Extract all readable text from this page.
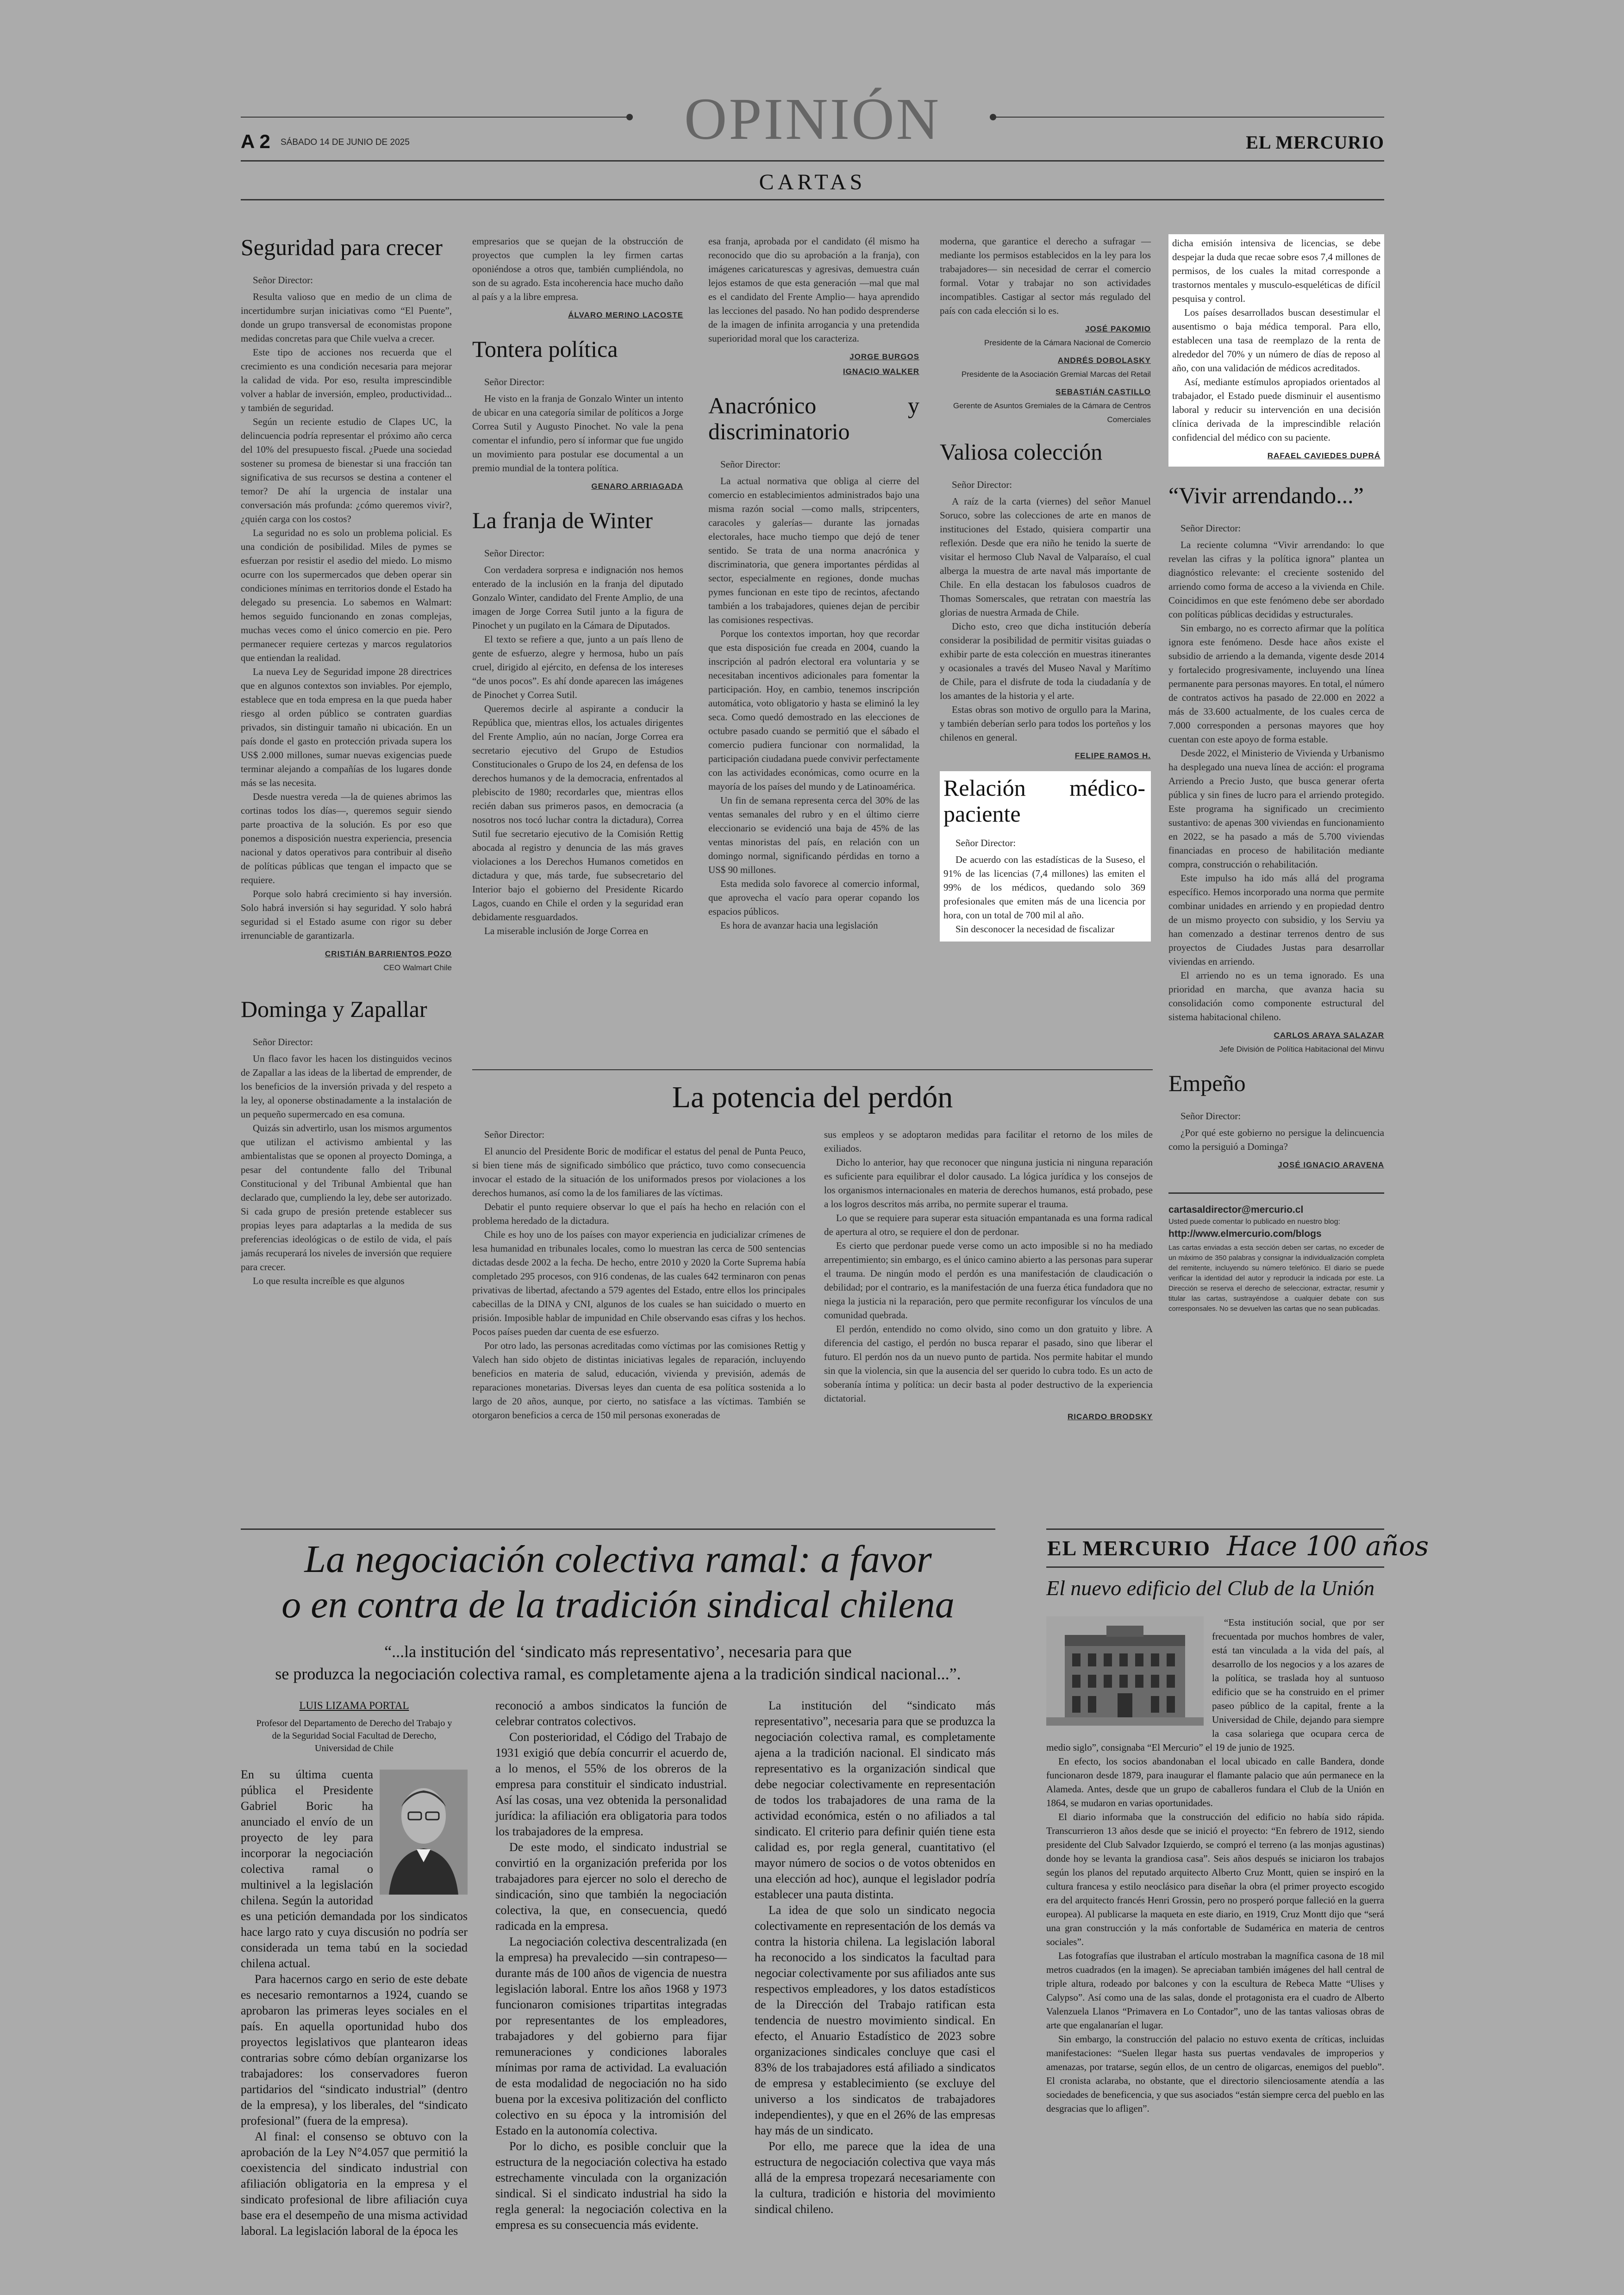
OPINIÓN
A 2 SÁBADO 14 DE JUNIO DE 2025	EL MERCURIO
CARTAS
Seguridad para crecer
Señor Director:

Resulta valioso que en medio de un clima de incertidumbre surjan iniciativas como “El Puente”, donde un grupo transversal de economistas propone medidas concretas para que Chile vuelva a crecer.

Este tipo de acciones nos recuerda que el crecimiento es una condición necesaria para mejorar la calidad de vida. Por eso, resulta imprescindible volver a hablar de inversión, empleo, productividad... y también de seguridad.

Según un reciente estudio de Clapes UC, la delincuencia podría representar el próximo año cerca del 10% del presupuesto fiscal. ¿Puede una sociedad sostener su promesa de bienestar si una fracción tan significativa de sus recursos se destina a contener el temor? De ahí la urgencia de instalar una conversación más profunda: ¿cómo queremos vivir?, ¿quién carga con los costos?

La seguridad no es solo un problema policial. Es una condición de posibilidad. Miles de pymes se esfuerzan por resistir el asedio del miedo. Lo mismo ocurre con los supermercados que deben operar sin condiciones mínimas en territorios donde el Estado ha delegado su presencia. Lo sabemos en Walmart: hemos seguido funcionando en zonas complejas, muchas veces como el único comercio en pie. Pero permanecer requiere certezas y marcos regulatorios que entiendan la realidad.

La nueva Ley de Seguridad impone 28 directrices que en algunos contextos son inviables. Por ejemplo, establece que en toda empresa en la que pueda haber riesgo al orden público se contraten guardias privados, sin distinguir tamaño ni ubicación. En un país donde el gasto en protección privada supera los US$ 2.000 millones, sumar nuevas exigencias puede terminar alejando a compañías de los lugares donde más se las necesita.

Desde nuestra vereda —la de quienes abrimos las cortinas todos los días—, queremos seguir siendo parte proactiva de la solución. Es por eso que ponemos a disposición nuestra experiencia, presencia nacional y datos operativos para contribuir al diseño de políticas públicas que tengan el impacto que se requiere.

Porque solo habrá crecimiento si hay inversión. Solo habrá inversión si hay seguridad. Y solo habrá seguridad si el Estado asume con rigor su deber irrenunciable de garantizarla.

CRISTIÁN BARRIENTOS POZO
CEO Walmart Chile
Dominga y Zapallar
Señor Director:

Un flaco favor les hacen los distinguidos vecinos de Zapallar a las ideas de la libertad de emprender, de los beneficios de la inversión privada y del respeto a la ley, al oponerse obstinadamente a la instalación de un pequeño supermercado en esa comuna.

Quizás sin advertirlo, usan los mismos argumentos que utilizan el activismo ambiental y las ambientalistas que se oponen al proyecto Dominga, a pesar del contundente fallo del Tribunal Constitucional y del Tribunal Ambiental que han declarado que, cumpliendo la ley, debe ser autorizado. Si cada grupo de presión pretende establecer sus propias leyes para adaptarlas a la medida de sus preferencias ideológicas o de estilo de vida, el país jamás recuperará los niveles de inversión que requiere para crecer.

Lo que resulta increíble es que algunos

empresarios que se quejan de la obstrucción de proyectos que cumplen la ley firmen cartas oponiéndose a otros que, también cumpliéndola, no son de su agrado. Esta incoherencia hace mucho daño al país y a la libre empresa.

ÁLVARO MERINO LACOSTE
Tontera política
Señor Director:

He visto en la franja de Gonzalo Winter un intento de ubicar en una categoría similar de políticos a Jorge Correa Sutil y Augusto Pinochet. No vale la pena comentar el infundio, pero sí informar que fue ungido un movimiento para postular ese documental a un premio mundial de la tontera política.

GENARO ARRIAGADA
La franja de Winter
Señor Director:

Con verdadera sorpresa e indignación nos hemos enterado de la inclusión en la franja del diputado Gonzalo Winter, candidato del Frente Amplio, de una imagen de Jorge Correa Sutil junto a la figura de Pinochet y un pugilato en la Cámara de Diputados.

El texto se refiere a que, junto a un país lleno de gente de esfuerzo, alegre y hermosa, hubo un país cruel, dirigido al ejército, en defensa de los intereses “de unos pocos”. Es ahí donde aparecen las imágenes de Pinochet y Correa Sutil.

Queremos decirle al aspirante a conducir la República que, mientras ellos, los actuales dirigentes del Frente Amplio, aún no nacían, Jorge Correa era secretario ejecutivo del Grupo de Estudios Constitucionales o Grupo de los 24, en defensa de los derechos humanos y de la democracia, enfrentados al plebiscito de 1980; recordarles que, mientras ellos recién daban sus primeros pasos, en democracia (a nosotros nos tocó luchar contra la dictadura), Correa Sutil fue secretario ejecutivo de la Comisión Rettig abocada al registro y denuncia de las más graves violaciones a los Derechos Humanos cometidos en dictadura y que, más tarde, fue subsecretario del Interior bajo el gobierno del Presidente Ricardo Lagos, cuando en Chile el orden y la seguridad eran debidamente resguardados.

La miserable inclusión de Jorge Correa en

esa franja, aprobada por el candidato (él mismo ha reconocido que dio su aprobación a la franja), con imágenes caricaturescas y agresivas, demuestra cuán lejos estamos de que esta generación —mal que mal es el candidato del Frente Amplio— haya aprendido las lecciones del pasado. No han podido desprenderse de la imagen de infinita arrogancia y una pretendida superioridad moral que los caracteriza.

JORGE BURGOS
IGNACIO WALKER
Anacrónico y discriminatorio
Señor Director:

La actual normativa que obliga al cierre del comercio en establecimientos administrados bajo una misma razón social —como malls, stripcenters, caracoles y galerías— durante las jornadas electorales, hace mucho tiempo que dejó de tener sentido. Se trata de una norma anacrónica y discriminatoria, que genera importantes pérdidas al sector, especialmente en regiones, donde muchas pymes funcionan en este tipo de recintos, afectando también a los trabajadores, quienes dejan de percibir las comisiones respectivas.

Porque los contextos importan, hoy que recordar que esta disposición fue creada en 2004, cuando la inscripción al padrón electoral era voluntaria y se necesitaban incentivos adicionales para fomentar la participación. Hoy, en cambio, tenemos inscripción automática, voto obligatorio y hasta se eliminó la ley seca. Como quedó demostrado en las elecciones de octubre pasado cuando se permitió que el sábado el comercio pudiera funcionar con normalidad, la participación ciudadana puede convivir perfectamente con las actividades económicas, como ocurre en la mayoría de los países del mundo y de Latinoamérica.

Un fin de semana representa cerca del 30% de las ventas semanales del rubro y en el último cierre eleccionario se evidenció una baja de 45% de las ventas minoristas del país, en relación con un domingo normal, significando pérdidas en torno a US$ 90 millones.

Esta medida solo favorece al comercio informal, que aprovecha el vacío para operar copando los espacios públicos.

Es hora de avanzar hacia una legislación

moderna, que garantice el derecho a sufragar —mediante los permisos establecidos en la ley para los trabajadores— sin necesidad de cerrar el comercio formal. Votar y trabajar no son actividades incompatibles. Castigar al sector más regulado del país con cada elección si lo es.

JOSÉ PAKOMIO
Presidente de la Cámara Nacional de Comercio
ANDRÉS DOBOLASKY
Presidente de la Asociación Gremial Marcas del Retail
SEBASTIÁN CASTILLO
Gerente de Asuntos Gremiales de la Cámara de Centros Comerciales
Valiosa colección
Señor Director:

A raíz de la carta (viernes) del señor Manuel Soruco, sobre las colecciones de arte en manos de instituciones del Estado, quisiera compartir una reflexión. Desde que era niño he tenido la suerte de visitar el hermoso Club Naval de Valparaíso, el cual alberga la muestra de arte naval más importante de Chile. En ella destacan los fabulosos cuadros de Thomas Somerscales, que retratan con maestría las glorias de nuestra Armada de Chile.

Dicho esto, creo que dicha institución debería considerar la posibilidad de permitir visitas guiadas o exhibir parte de esta colección en muestras itinerantes y ocasionales a través del Museo Naval y Marítimo de Chile, para el disfrute de toda la ciudadanía y de los amantes de la historia y el arte.

Estas obras son motivo de orgullo para la Marina, y también deberían serlo para todos los porteños y los chilenos en general.

FELIPE RAMOS H.
Relación médico-paciente
Señor Director:

De acuerdo con las estadísticas de la Suseso, el 91% de las licencias (7,4 millones) las emiten el 99% de los médicos, quedando solo 369 profesionales que emiten más de una licencia por hora, con un total de 700 mil al año.

Sin desconocer la necesidad de fiscalizar

dicha emisión intensiva de licencias, se debe despejar la duda que recae sobre esos 7,4 millones de permisos, de los cuales la mitad corresponde a trastornos mentales y musculo-esqueléticas de difícil pesquisa y control.

Los países desarrollados buscan desestimular el ausentismo o baja médica temporal. Para ello, establecen una tasa de reemplazo de la renta de alrededor del 70% y un número de días de reposo al año, con una validación de médicos acreditados.

Así, mediante estímulos apropiados orientados al trabajador, el Estado puede disminuir el ausentismo laboral y reducir su intervención en una decisión clínica derivada de la imprescindible relación confidencial del médico con su paciente.

RAFAEL CAVIEDES DUPRÁ
“Vivir arrendando...”
Señor Director:

La reciente columna “Vivir arrendando: lo que revelan las cifras y la política ignora” plantea un diagnóstico relevante: el creciente sostenido del arriendo como forma de acceso a la vivienda en Chile. Coincidimos en que este fenómeno debe ser abordado con políticas públicas decididas y estructurales.

Sin embargo, no es correcto afirmar que la política ignora este fenómeno. Desde hace años existe el subsidio de arriendo a la demanda, vigente desde 2014 y fortalecido progresivamente, incluyendo una línea permanente para personas mayores. En total, el número de contratos activos ha pasado de 22.000 en 2022 a más de 33.600 actualmente, de los cuales cerca de 7.000 corresponden a personas mayores que hoy cuentan con este apoyo de forma estable.

Desde 2022, el Ministerio de Vivienda y Urbanismo ha desplegado una nueva línea de acción: el programa Arriendo a Precio Justo, que busca generar oferta pública y sin fines de lucro para el arriendo protegido. Este programa ha significado un crecimiento sustantivo: de apenas 300 viviendas en funcionamiento en 2022, se ha pasado a más de 5.700 viviendas financiadas en proceso de habilitación mediante compra, construcción o rehabilitación.

Este impulso ha ido más allá del programa específico. Hemos incorporado una norma que permite combinar unidades en arriendo y en propiedad dentro de un mismo proyecto con subsidio, y los Serviu ya han comenzado a destinar terrenos dentro de sus proyectos de Ciudades Justas para desarrollar viviendas en arriendo.

El arriendo no es un tema ignorado. Es una prioridad en marcha, que avanza hacia su consolidación como componente estructural del sistema habitacional chileno.

CARLOS ARAYA SALAZAR
Jefe División de Política Habitacional del Minvu
Empeño
Señor Director:

¿Por qué este gobierno no persigue la delincuencia como la persiguió a Dominga?

JOSÉ IGNACIO ARAVENA
cartasaldirector@mercurio.cl
Usted puede comentar lo publicado en nuestro blog:
http://www.elmercurio.com/blogs
Las cartas enviadas a esta sección deben ser cartas, no exceder de un máximo de 350 palabras y consignar la individualización completa del remitente, incluyendo su número telefónico. El diario se puede verificar la identidad del autor y reproducir la indicada por este. La Dirección se reserva el derecho de seleccionar, extractar, resumir y titular las cartas, sustrayéndose a cualquier debate con sus corresponsales. No se devuelven las cartas que no sean publicadas.
La potencia del perdón
Señor Director:

El anuncio del Presidente Boric de modificar el estatus del penal de Punta Peuco, si bien tiene más de significado simbólico que práctico, tuvo como consecuencia invocar el estado de la situación de los uniformados presos por violaciones a los derechos humanos, así como la de los familiares de las víctimas.

Debatir el punto requiere observar lo que el país ha hecho en relación con el problema heredado de la dictadura.

Chile es hoy uno de los países con mayor experiencia en judicializar crímenes de lesa humanidad en tribunales locales, como lo muestran las cerca de 500 sentencias dictadas desde 2002 a la fecha. De hecho, entre 2010 y 2020 la Corte Suprema había completado 295 procesos, con 916 condenas, de las cuales 642 terminaron con penas privativas de libertad, afectando a 579 agentes del Estado, entre ellos los principales cabecillas de la DINA y CNI, algunos de los cuales se han suicidado o muerto en prisión. Imposible hablar de impunidad en Chile observando esas cifras y los hechos. Pocos países pueden dar cuenta de ese esfuerzo.

Por otro lado, las personas acreditadas como víctimas por las comisiones Rettig y Valech han sido objeto de distintas iniciativas legales de reparación, incluyendo beneficios en materia de salud, educación, vivienda y previsión, además de reparaciones monetarias. Diversas leyes dan cuenta de esa política sostenida a lo largo de 20 años, aunque, por cierto, no satisface a las víctimas. También se otorgaron beneficios a cerca de 150 mil personas exoneradas de

sus empleos y se adoptaron medidas para facilitar el retorno de los miles de exiliados.

Dicho lo anterior, hay que reconocer que ninguna justicia ni ninguna reparación es suficiente para equilibrar el dolor causado. La lógica jurídica y los consejos de los organismos internacionales en materia de derechos humanos, está probado, pese a los logros descritos más arriba, no permite superar el trauma.

Lo que se requiere para superar esta situación empantanada es una forma radical de apertura al otro, se requiere el don de perdonar.

Es cierto que perdonar puede verse como un acto imposible si no ha mediado arrepentimiento; sin embargo, es el único camino abierto a las personas para superar el trauma. De ningún modo el perdón es una manifestación de claudicación o debilidad; por el contrario, es la manifestación de una fuerza ética fundadora que no niega la justicia ni la reparación, pero que permite reconfigurar los vínculos de una comunidad quebrada.

El perdón, entendido no como olvido, sino como un don gratuito y libre. A diferencia del castigo, el perdón no busca reparar el pasado, sino que liberar el futuro. El perdón nos da un nuevo punto de partida. Nos permite habitar el mundo sin que la violencia, sin que la ausencia del ser querido lo cubra todo. Es un acto de soberanía íntima y política: un decir basta al poder destructivo de la experiencia dictatorial.

RICARDO BRODSKY
La negociación colectiva ramal: a favor
o en contra de la tradición sindical chilena
“...la institución del ‘sindicato más representativo’, necesaria para que
se produzca la negociación colectiva ramal, es completamente ajena a la tradición sindical nacional...”.
LUIS LIZAMA PORTAL
Profesor del Departamento de Derecho del Trabajo y de la Seguridad Social Facultad de Derecho, Universidad de Chile

En su última cuenta pública el Presidente Gabriel Boric ha anunciado el envío de un proyecto de ley para incorporar la negociación colectiva ramal o multinivel a la legislación chilena. Según la autoridad es una petición demandada por los sindicatos hace largo rato y cuya discusión no podría ser considerada un tema tabú en la sociedad chilena actual.

Para hacernos cargo en serio de este debate es necesario remontarnos a 1924, cuando se aprobaron las primeras leyes sociales en el país. En aquella oportunidad hubo dos proyectos legislativos que plantearon ideas contrarias sobre cómo debían organizarse los trabajadores: los conservadores fueron partidarios del “sindicato industrial” (dentro de la empresa), y los liberales, del “sindicato profesional” (fuera de la empresa).

Al final: el consenso se obtuvo con la aprobación de la Ley N°4.057 que permitió la coexistencia del sindicato industrial con afiliación obligatoria en la empresa y el sindicato profesional de libre afiliación cuya base era el desempeño de una misma actividad laboral. La legislación laboral de la época les

reconoció a ambos sindicatos la función de celebrar contratos colectivos.

Con posterioridad, el Código del Trabajo de 1931 exigió que debía concurrir el acuerdo de, a lo menos, el 55% de los obreros de la empresa para constituir el sindicato industrial. Así las cosas, una vez obtenida la personalidad jurídica: la afiliación era obligatoria para todos los trabajadores de la empresa.

De este modo, el sindicato industrial se convirtió en la organización preferida por los trabajadores para ejercer no solo el derecho de sindicación, sino que también la negociación colectiva, la que, en consecuencia, quedó radicada en la empresa.

La negociación colectiva descentralizada (en la empresa) ha prevalecido —sin contrapeso— durante más de 100 años de vigencia de nuestra legislación laboral. Entre los años 1968 y 1973 funcionaron comisiones tripartitas integradas por representantes de los empleadores, trabajadores y del gobierno para fijar remuneraciones y condiciones laborales mínimas por rama de actividad. La evaluación de esta modalidad de negociación no ha sido buena por la excesiva politización del conflicto colectivo en su época y la intromisión del Estado en la autonomía colectiva.

Por lo dicho, es posible concluir que la estructura de la negociación colectiva ha estado estrechamente vinculada con la organización sindical. Si el sindicato industrial ha sido la regla general: la negociación colectiva en la empresa es su consecuencia más evidente.

La institución del “sindicato más representativo”, necesaria para que se produzca la negociación colectiva ramal, es completamente ajena a la tradición nacional. El sindicato más representativo es la organización sindical que debe negociar colectivamente en representación de todos los trabajadores de una rama de la actividad económica, estén o no afiliados a tal sindicato. El criterio para definir quién tiene esta calidad es, por regla general, cuantitativo (el mayor número de socios o de votos obtenidos en una elección ad hoc), aunque el legislador podría establecer una pauta distinta.

La idea de que solo un sindicato negocia colectivamente en representación de los demás va contra la historia chilena. La legislación laboral ha reconocido a los sindicatos la facultad para negociar colectivamente por sus afiliados ante sus respectivos empleadores, y los datos estadísticos de la Dirección del Trabajo ratifican esta tendencia de nuestro movimiento sindical. En efecto, el Anuario Estadístico de 2023 sobre organizaciones sindicales concluye que casi el 83% de los trabajadores está afiliado a sindicatos de empresa y establecimiento (se excluye del universo a los sindicatos de trabajadores independientes), y que en el 26% de las empresas hay más de un sindicato.

Por ello, me parece que la idea de una estructura de negociación colectiva que vaya más allá de la empresa tropezará necesariamente con la cultura, tradición e historia del movimiento sindical chileno.

EL MERCURIO Hace 100 años
El nuevo edificio del Club de la Unión

“Esta institución social, que por ser frecuentada por muchos hombres de valer, está tan vinculada a la vida del país, al desarrollo de los negocios y a los azares de la política, se traslada hoy al suntuoso edificio que se ha construido en el primer paseo público de la capital, frente a la Universidad de Chile, dejando para siempre la casa solariega que ocupara cerca de medio siglo”, consignaba “El Mercurio” el 19 de junio de 1925.

En efecto, los socios abandonaban el local ubicado en calle Bandera, donde funcionaron desde 1879, para inaugurar el flamante palacio que aún permanece en la Alameda. Antes, desde que un grupo de caballeros fundara el Club de la Unión en 1864, se mudaron en varias oportunidades.

El diario informaba que la construcción del edificio no había sido rápida. Transcurrieron 13 años desde que se inició el proyecto: “En febrero de 1912, siendo presidente del Club Salvador Izquierdo, se compró el terreno (a las monjas agustinas) donde hoy se levanta la grandiosa casa”. Seis años después se iniciaron los trabajos según los planos del reputado arquitecto Alberto Cruz Montt, quien se inspiró en la cultura francesa y estilo neoclásico para diseñar la obra (el primer proyecto escogido era del arquitecto francés Henri Grossin, pero no prosperó porque falleció en la guerra europea). Al publicarse la maqueta en este diario, en 1919, Cruz Montt dijo que “será una gran construcción y la más confortable de Sudamérica en materia de centros sociales”.

Las fotografías que ilustraban el artículo mostraban la magnífica casona de 18 mil metros cuadrados (en la imagen). Se apreciaban también imágenes del hall central de triple altura, rodeado por balcones y con la escultura de Rebeca Matte “Ulises y Calypso”. Así como una de las salas, donde el protagonista era el cuadro de Alberto Valenzuela Llanos “Primavera en Lo Contador”, uno de las tantas valiosas obras de arte que engalanarían el lugar.

Sin embargo, la construcción del palacio no estuvo exenta de críticas, incluidas manifestaciones: “Suelen llegar hasta sus puertas vendavales de improperios y amenazas, por tratarse, según ellos, de un centro de oligarcas, enemigos del pueblo”. El cronista aclaraba, no obstante, que el directorio silenciosamente atendía a las sociedades de beneficencia, y que sus asociados “están siempre cerca del pueblo en las desgracias que lo afligen”.
